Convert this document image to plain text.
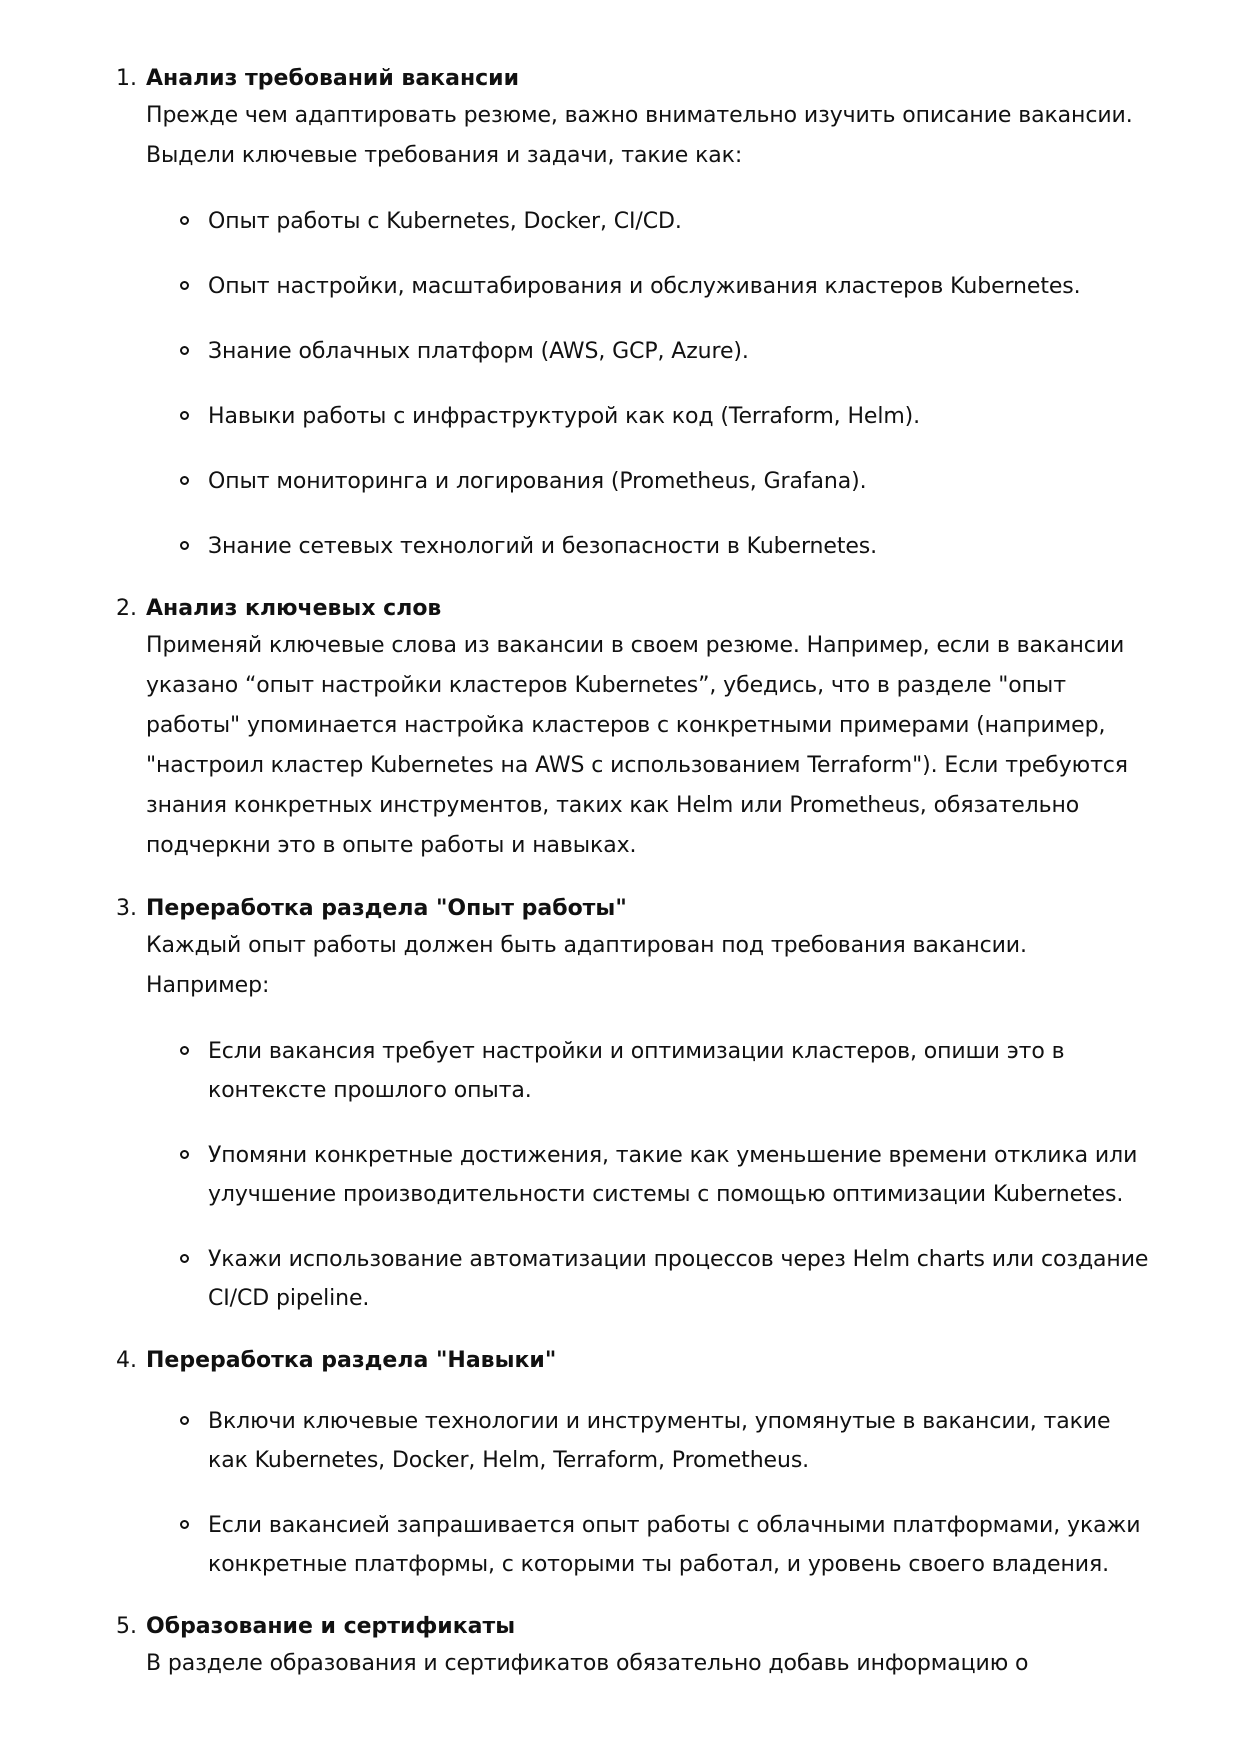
1. Анализ требований вакансии

Прежде чем адаптировать резюме, важно внимательно изучить описание вакансии. Выдели ключевые требования и задачи, такие как:

Опыт работы с Kubernetes, Docker, CI/CD.
Опыт настройки, масштабирования и обслуживания кластеров Kubernetes.
Знание облачных платформ (AWS, GCP, Azure).
Навыки работы с инфраструктурой как код (Terraform, Helm).
Опыт мониторинга и логирования (Prometheus, Grafana).
Знание сетевых технологий и безопасности в Kubernetes.
2. Анализ ключевых слов

Применяй ключевые слова из вакансии в своем резюме. Например, если в вакансии указано “опыт настройки кластеров Kubernetes”, убедись, что в разделе "опыт работы" упоминается настройка кластеров с конкретными примерами (например, "настроил кластер Kubernetes на AWS с использованием Terraform"). Если требуются знания конкретных инструментов, таких как Helm или Prometheus, обязательно подчеркни это в опыте работы и навыках.

3. Переработка раздела "Опыт работы"

Каждый опыт работы должен быть адаптирован под требования вакансии. Например:

Если вакансия требует настройки и оптимизации кластеров, опиши это в контексте прошлого опыта.
Упомяни конкретные достижения, такие как уменьшение времени отклика или улучшение производительности системы с помощью оптимизации Kubernetes.
Укажи использование автоматизации процессов через Helm charts или создание CI/CD pipeline.
4. Переработка раздела "Навыки"

Включи ключевые технологии и инструменты, упомянутые в вакансии, такие как Kubernetes, Docker, Helm, Terraform, Prometheus.
Если вакансией запрашивается опыт работы с облачными платформами, укажи конкретные платформы, с которыми ты работал, и уровень своего владения.
5. Образование и сертификаты

В разделе образования и сертификатов обязательно добавь информацию о
